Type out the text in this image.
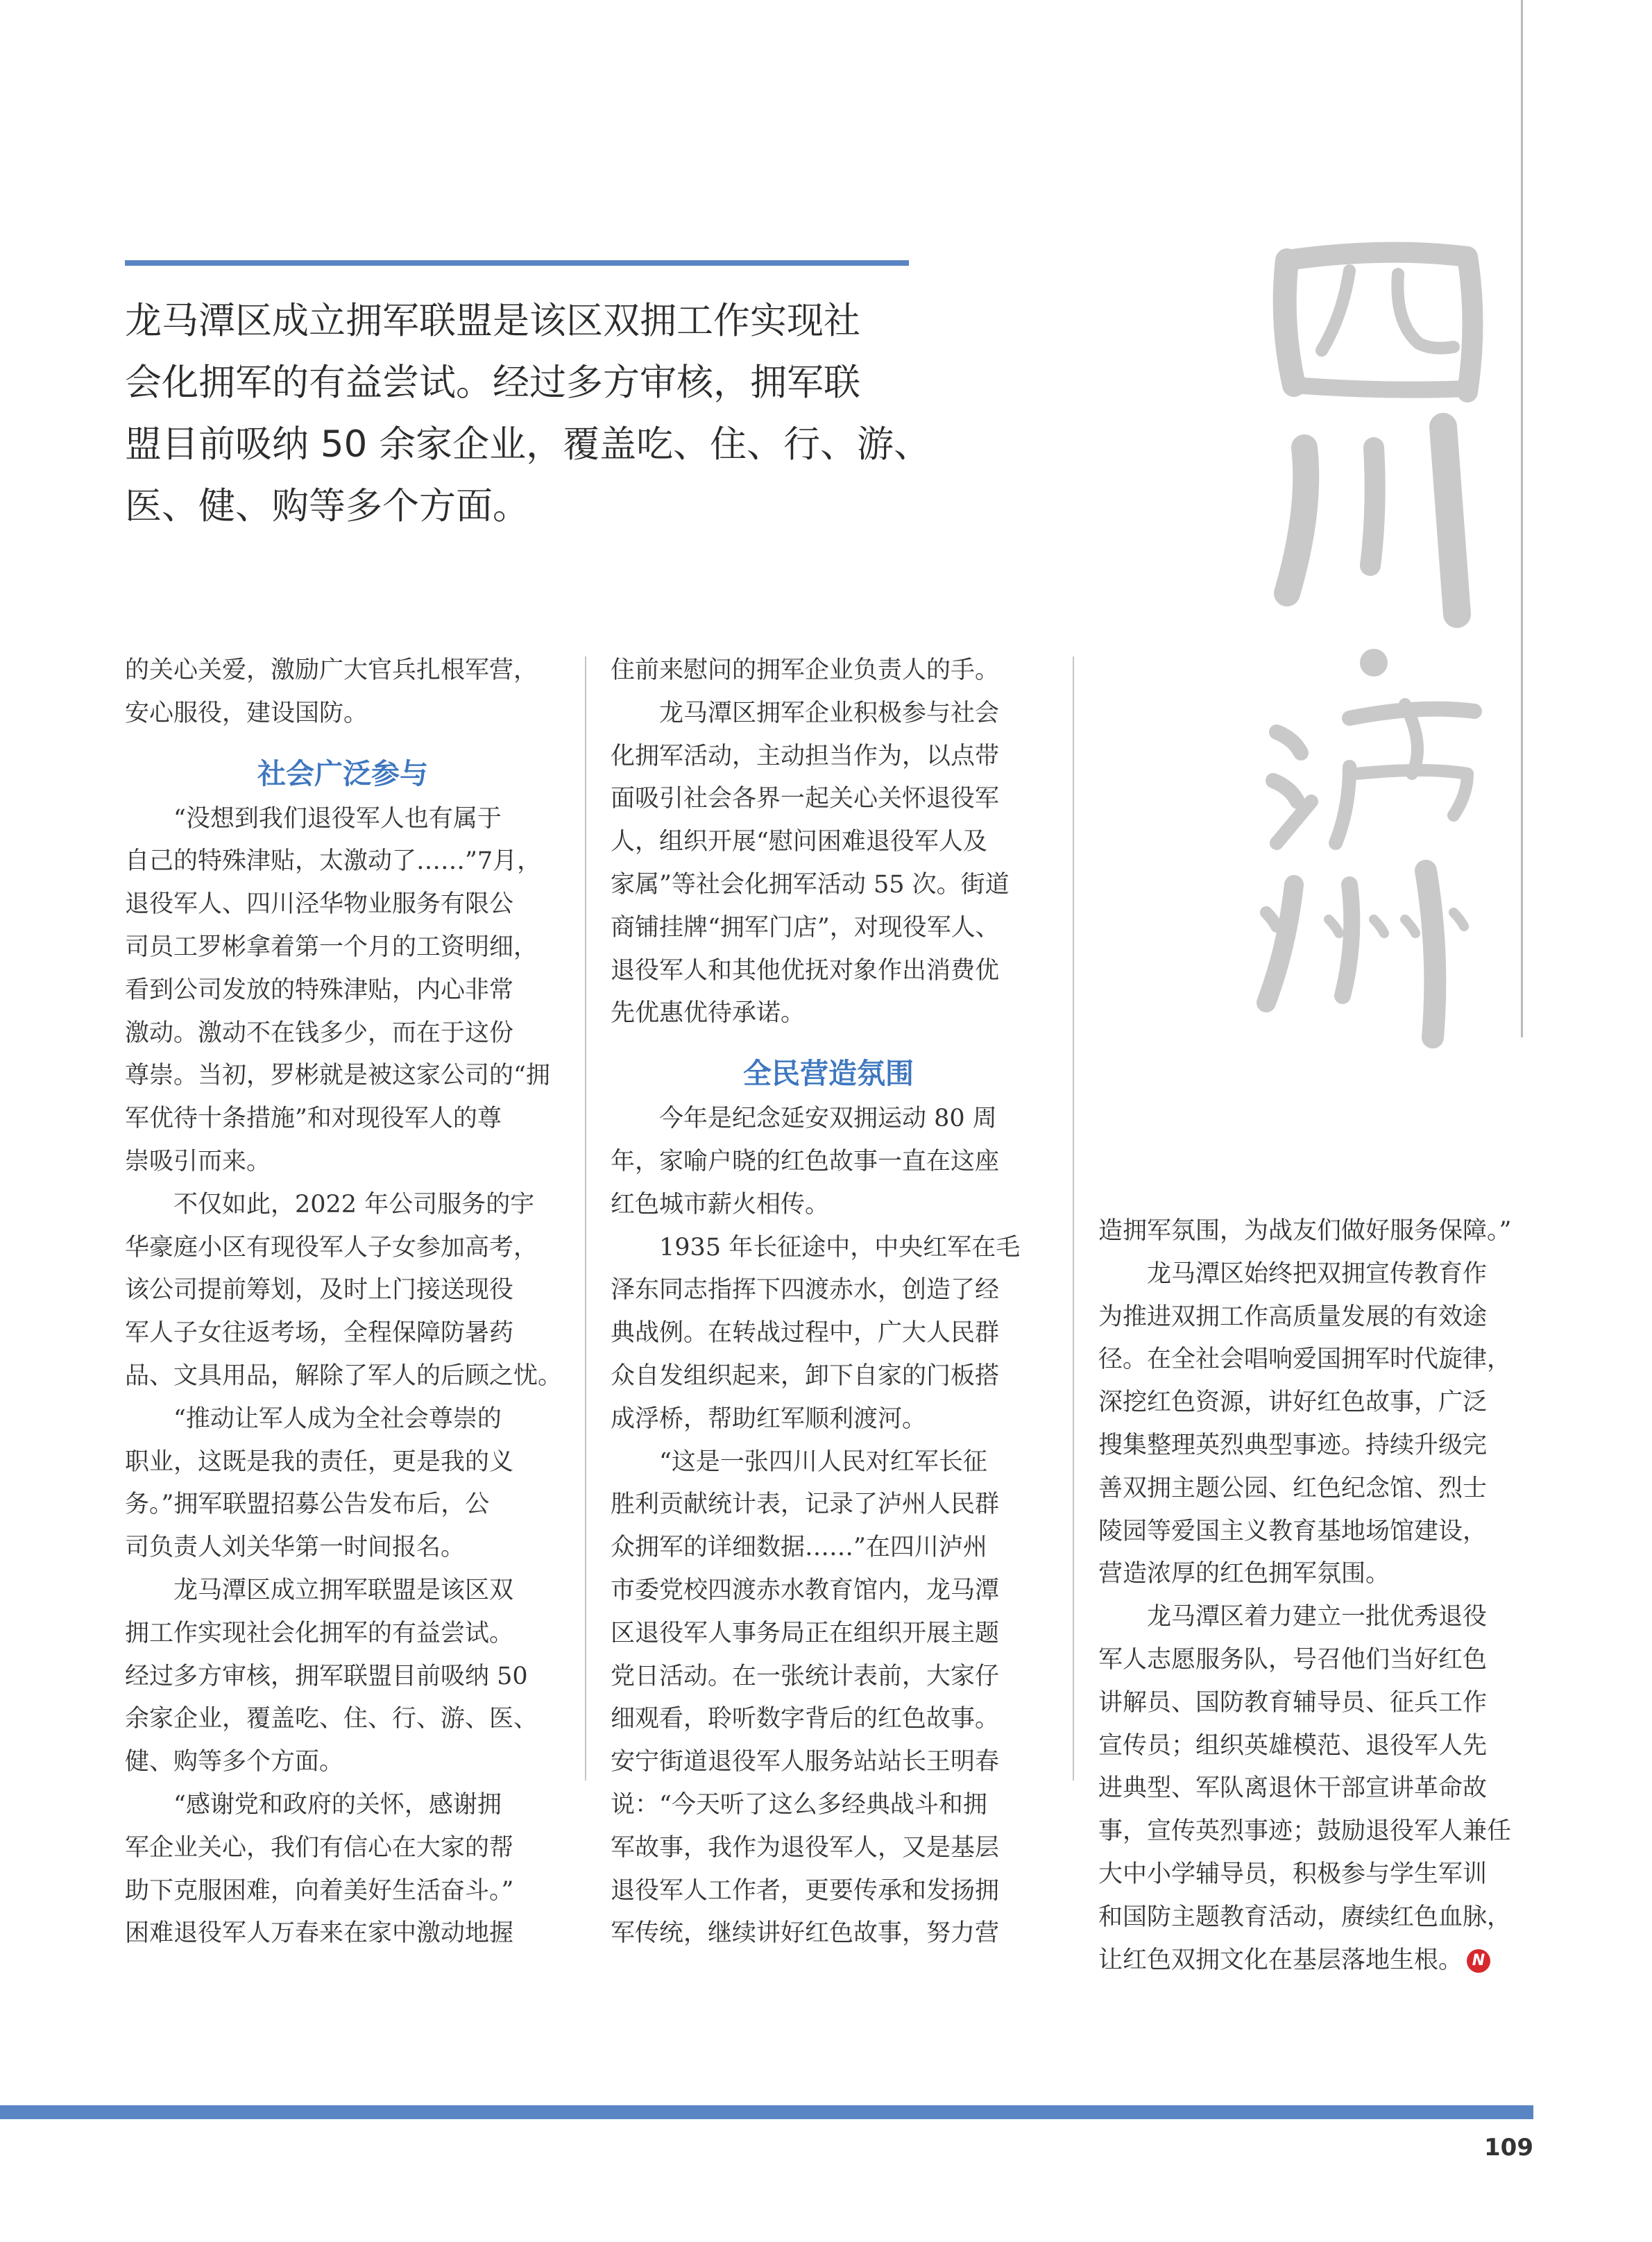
龙马潭区成立拥军联盟是该区双拥工作实现社
会化拥军的有益尝试。经过多方审核，拥军联
盟目前吸纳 50 余家企业，覆盖吃、住、行、游、
医、健、购等多个方面。

的关心关爱，激励广大官兵扎根军营，
安心服役，建设国防。
社会广泛参与
“没想到我们退役军人也有属于
自己的特殊津贴，太激动了……”7月，
退役军人、四川泾华物业服务有限公
司员工罗彬拿着第一个月的工资明细，
看到公司发放的特殊津贴，内心非常
激动。激动不在钱多少，而在于这份
尊崇。当初，罗彬就是被这家公司的“拥
军优待十条措施”和对现役军人的尊
崇吸引而来。
不仅如此，2022 年公司服务的宇
华豪庭小区有现役军人子女参加高考，
该公司提前筹划，及时上门接送现役
军人子女往返考场，全程保障防暑药
品、文具用品，解除了军人的后顾之忧。
“推动让军人成为全社会尊崇的
职业，这既是我的责任，更是我的义
务。”拥军联盟招募公告发布后，公
司负责人刘关华第一时间报名。
龙马潭区成立拥军联盟是该区双
拥工作实现社会化拥军的有益尝试。
经过多方审核，拥军联盟目前吸纳 50
余家企业，覆盖吃、住、行、游、医、
健、购等多个方面。
“感谢党和政府的关怀，感谢拥
军企业关心，我们有信心在大家的帮
助下克服困难，向着美好生活奋斗。”
困难退役军人万春来在家中激动地握
住前来慰问的拥军企业负责人的手。
龙马潭区拥军企业积极参与社会
化拥军活动，主动担当作为，以点带
面吸引社会各界一起关心关怀退役军
人，组织开展“慰问困难退役军人及
家属”等社会化拥军活动 55 次。街道
商铺挂牌“拥军门店”，对现役军人、
退役军人和其他优抚对象作出消费优
先优惠优待承诺。
全民营造氛围
今年是纪念延安双拥运动 80 周
年，家喻户晓的红色故事一直在这座
红色城市薪火相传。
1935 年长征途中，中央红军在毛
泽东同志指挥下四渡赤水，创造了经
典战例。在转战过程中，广大人民群
众自发组织起来，卸下自家的门板搭
成浮桥，帮助红军顺利渡河。
“这是一张四川人民对红军长征
胜利贡献统计表，记录了泸州人民群
众拥军的详细数据……”在四川泸州
市委党校四渡赤水教育馆内，龙马潭
区退役军人事务局正在组织开展主题
党日活动。在一张统计表前，大家仔
细观看，聆听数字背后的红色故事。
安宁街道退役军人服务站站长王明春
说：“今天听了这么多经典战斗和拥
军故事，我作为退役军人，又是基层
退役军人工作者，更要传承和发扬拥
军传统，继续讲好红色故事，努力营
造拥军氛围，为战友们做好服务保障。”
龙马潭区始终把双拥宣传教育作
为推进双拥工作高质量发展的有效途
径。在全社会唱响爱国拥军时代旋律，
深挖红色资源，讲好红色故事，广泛
搜集整理英烈典型事迹。持续升级完
善双拥主题公园、红色纪念馆、烈士
陵园等爱国主义教育基地场馆建设，
营造浓厚的红色拥军氛围。
龙马潭区着力建立一批优秀退役
军人志愿服务队，号召他们当好红色
讲解员、国防教育辅导员、征兵工作
宣传员；组织英雄模范、退役军人先
进典型、军队离退休干部宣讲革命故
事，宣传英烈事迹；鼓励退役军人兼任
大中小学辅导员，积极参与学生军训
和国防主题教育活动，赓续红色血脉，
让红色双拥文化在基层落地生根。 N
109
